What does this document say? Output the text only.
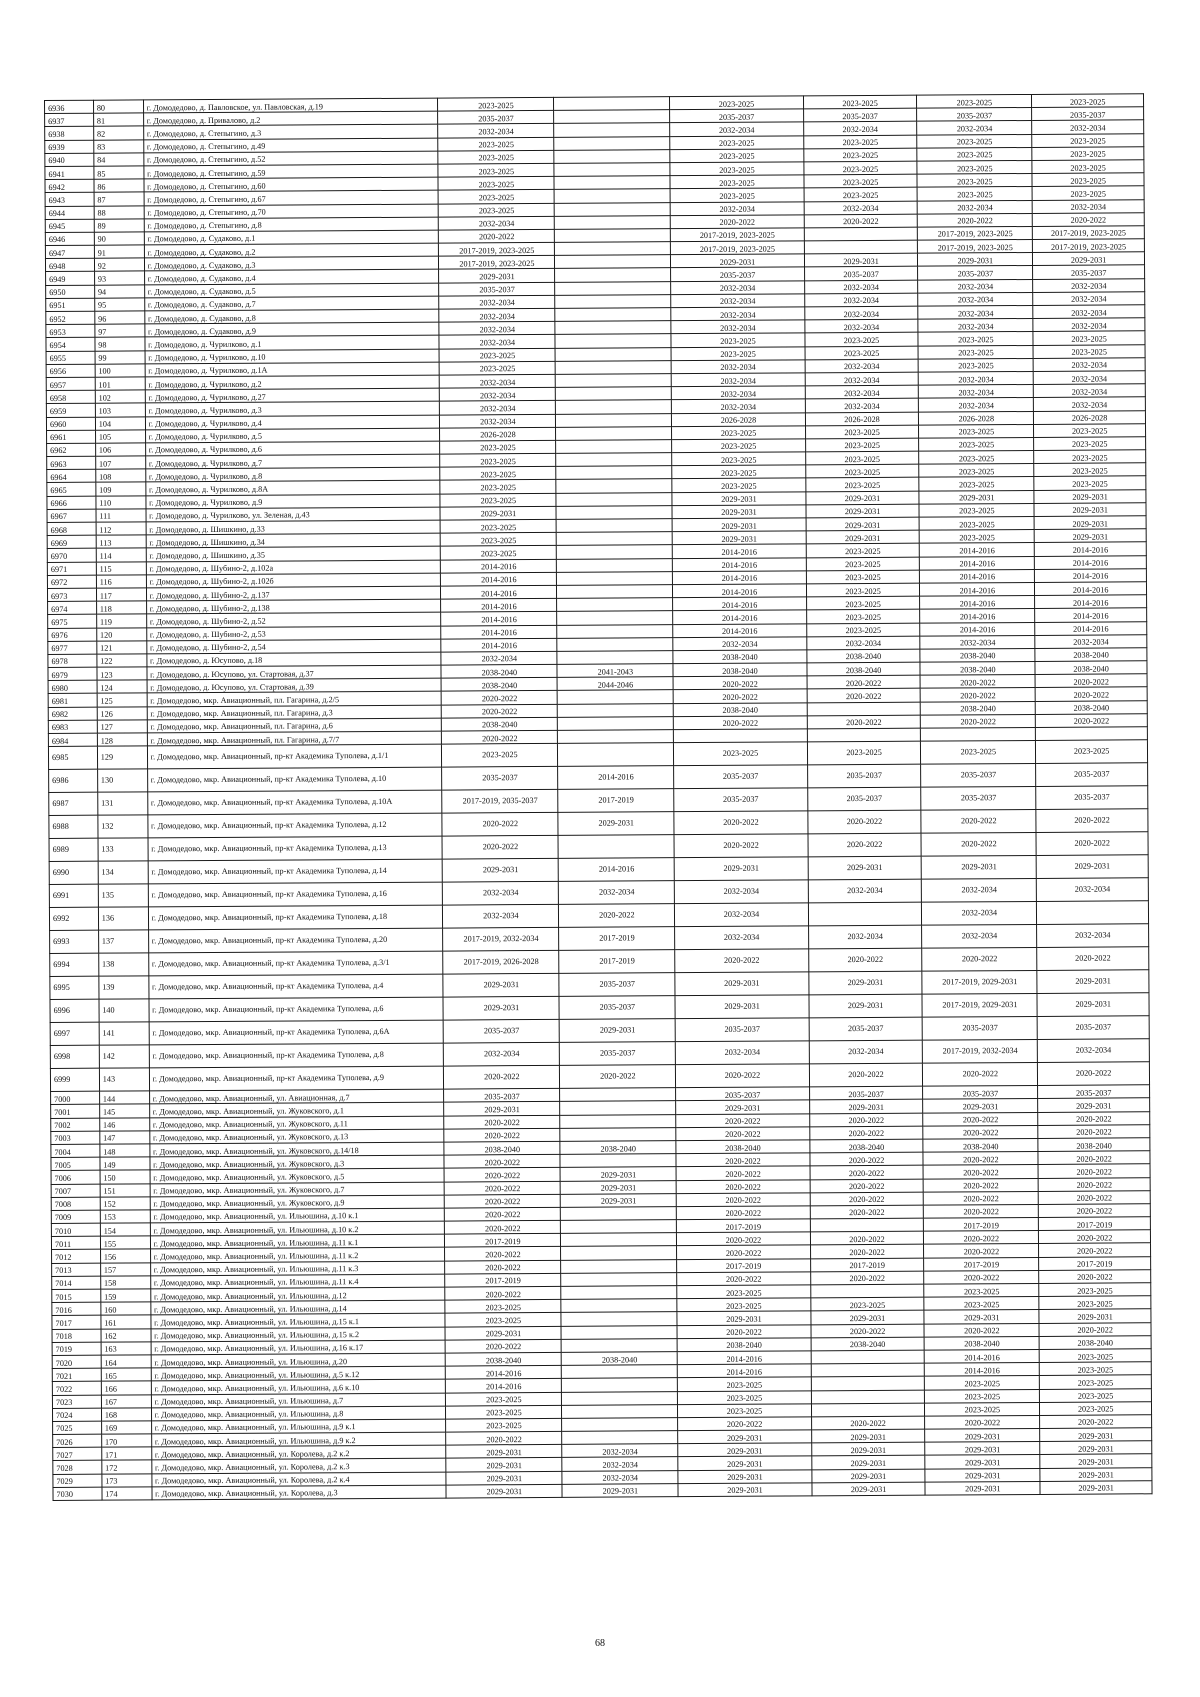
6936	80	г. Домодедово, д. Павловское, ул. Павловская, д.19	2023-2025		2023-2025	2023-2025	2023-2025	2023-2025
6937	81	г. Домодедово, д. Привалово, д.2	2035-2037		2035-2037	2035-2037	2035-2037	2035-2037
6938	82	г. Домодедово, д. Степыгино, д.3	2032-2034		2032-2034	2032-2034	2032-2034	2032-2034
6939	83	г. Домодедово, д. Степыгино, д.49	2023-2025		2023-2025	2023-2025	2023-2025	2023-2025
6940	84	г. Домодедово, д. Степыгино, д.52	2023-2025		2023-2025	2023-2025	2023-2025	2023-2025
6941	85	г. Домодедово, д. Степыгино, д.59	2023-2025		2023-2025	2023-2025	2023-2025	2023-2025
6942	86	г. Домодедово, д. Степыгино, д.60	2023-2025		2023-2025	2023-2025	2023-2025	2023-2025
6943	87	г. Домодедово, д. Степыгино, д.67	2023-2025		2023-2025	2023-2025	2023-2025	2023-2025
6944	88	г. Домодедово, д. Степыгино, д.70	2023-2025		2032-2034	2032-2034	2032-2034	2032-2034
6945	89	г. Домодедово, д. Степыгино, д.8	2032-2034		2020-2022	2020-2022	2020-2022	2020-2022
6946	90	г. Домодедово, д. Судаково, д.1	2020-2022		2017-2019, 2023-2025		2017-2019, 2023-2025	2017-2019, 2023-2025
6947	91	г. Домодедово, д. Судаково, д.2	2017-2019, 2023-2025		2017-2019, 2023-2025		2017-2019, 2023-2025	2017-2019, 2023-2025
6948	92	г. Домодедово, д. Судаково, д.3	2017-2019, 2023-2025		2029-2031	2029-2031	2029-2031	2029-2031
6949	93	г. Домодедово, д. Судаково, д.4	2029-2031		2035-2037	2035-2037	2035-2037	2035-2037
6950	94	г. Домодедово, д. Судаково, д.5	2035-2037		2032-2034	2032-2034	2032-2034	2032-2034
6951	95	г. Домодедово, д. Судаково, д.7	2032-2034		2032-2034	2032-2034	2032-2034	2032-2034
6952	96	г. Домодедово, д. Судаково, д.8	2032-2034		2032-2034	2032-2034	2032-2034	2032-2034
6953	97	г. Домодедово, д. Судаково, д.9	2032-2034		2032-2034	2032-2034	2032-2034	2032-2034
6954	98	г. Домодедово, д. Чурилково, д.1	2032-2034		2023-2025	2023-2025	2023-2025	2023-2025
6955	99	г. Домодедово, д. Чурилково, д.10	2023-2025		2023-2025	2023-2025	2023-2025	2023-2025
6956	100	г. Домодедово, д. Чурилково, д.1А	2023-2025		2032-2034	2032-2034	2023-2025	2032-2034
6957	101	г. Домодедово, д. Чурилково, д.2	2032-2034		2032-2034	2032-2034	2032-2034	2032-2034
6958	102	г. Домодедово, д. Чурилково, д.27	2032-2034		2032-2034	2032-2034	2032-2034	2032-2034
6959	103	г. Домодедово, д. Чурилково, д.3	2032-2034		2032-2034	2032-2034	2032-2034	2032-2034
6960	104	г. Домодедово, д. Чурилково, д.4	2032-2034		2026-2028	2026-2028	2026-2028	2026-2028
6961	105	г. Домодедово, д. Чурилково, д.5	2026-2028		2023-2025	2023-2025	2023-2025	2023-2025
6962	106	г. Домодедово, д. Чурилково, д.6	2023-2025		2023-2025	2023-2025	2023-2025	2023-2025
6963	107	г. Домодедово, д. Чурилково, д.7	2023-2025		2023-2025	2023-2025	2023-2025	2023-2025
6964	108	г. Домодедово, д. Чурилково, д.8	2023-2025		2023-2025	2023-2025	2023-2025	2023-2025
6965	109	г. Домодедово, д. Чурилково, д.8А	2023-2025		2023-2025	2023-2025	2023-2025	2023-2025
6966	110	г. Домодедово, д. Чурилково, д.9	2023-2025		2029-2031	2029-2031	2029-2031	2029-2031
6967	111	г. Домодедово, д. Чурилково, ул. Зеленая, д.43	2029-2031		2029-2031	2029-2031	2023-2025	2029-2031
6968	112	г. Домодедово, д. Шишкино, д.33	2023-2025		2029-2031	2029-2031	2023-2025	2029-2031
6969	113	г. Домодедово, д. Шишкино, д.34	2023-2025		2029-2031	2029-2031	2023-2025	2029-2031
6970	114	г. Домодедово, д. Шишкино, д.35	2023-2025		2014-2016	2023-2025	2014-2016	2014-2016
6971	115	г. Домодедово, д. Шубино-2, д.102а	2014-2016		2014-2016	2023-2025	2014-2016	2014-2016
6972	116	г. Домодедово, д. Шубино-2, д.102б	2014-2016		2014-2016	2023-2025	2014-2016	2014-2016
6973	117	г. Домодедово, д. Шубино-2, д.137	2014-2016		2014-2016	2023-2025	2014-2016	2014-2016
6974	118	г. Домодедово, д. Шубино-2, д.138	2014-2016		2014-2016	2023-2025	2014-2016	2014-2016
6975	119	г. Домодедово, д. Шубино-2, д.52	2014-2016		2014-2016	2023-2025	2014-2016	2014-2016
6976	120	г. Домодедово, д. Шубино-2, д.53	2014-2016		2014-2016	2023-2025	2014-2016	2014-2016
6977	121	г. Домодедово, д. Шубино-2, д.54	2014-2016		2032-2034	2032-2034	2032-2034	2032-2034
6978	122	г. Домодедово, д. Юсупово, д.18	2032-2034		2038-2040	2038-2040	2038-2040	2038-2040
6979	123	г. Домодедово, д. Юсупово, ул. Стартовая, д.37	2038-2040	2041-2043	2038-2040	2038-2040	2038-2040	2038-2040
6980	124	г. Домодедово, д. Юсупово, ул. Стартовая, д.39	2038-2040	2044-2046	2020-2022	2020-2022	2020-2022	2020-2022
6981	125	г. Домодедово, мкр. Авиационный, пл. Гагарина, д.2/5	2020-2022		2020-2022	2020-2022	2020-2022	2020-2022
6982	126	г. Домодедово, мкр. Авиационный, пл. Гагарина, д.3	2020-2022		2038-2040		2038-2040	2038-2040
6983	127	г. Домодедово, мкр. Авиационный, пл. Гагарина, д.6	2038-2040		2020-2022	2020-2022	2020-2022	2020-2022
6984	128	г. Домодедово, мкр. Авиационный, пл. Гагарина, д.7/7	2020-2022					
6985	129	г. Домодедово, мкр. Авиационный, пр-кт Академика Туполева, д.1/1	2023-2025		2023-2025	2023-2025	2023-2025	2023-2025
6986	130	г. Домодедово, мкр. Авиационный, пр-кт Академика Туполева, д.10	2035-2037	2014-2016	2035-2037	2035-2037	2035-2037	2035-2037
6987	131	г. Домодедово, мкр. Авиационный, пр-кт Академика Туполева, д.10А	2017-2019, 2035-2037	2017-2019	2035-2037	2035-2037	2035-2037	2035-2037
6988	132	г. Домодедово, мкр. Авиационный, пр-кт Академика Туполева, д.12	2020-2022	2029-2031	2020-2022	2020-2022	2020-2022	2020-2022
6989	133	г. Домодедово, мкр. Авиационный, пр-кт Академика Туполева, д.13	2020-2022		2020-2022	2020-2022	2020-2022	2020-2022
6990	134	г. Домодедово, мкр. Авиационный, пр-кт Академика Туполева, д.14	2029-2031	2014-2016	2029-2031	2029-2031	2029-2031	2029-2031
6991	135	г. Домодедово, мкр. Авиационный, пр-кт Академика Туполева, д.16	2032-2034	2032-2034	2032-2034	2032-2034	2032-2034	2032-2034
6992	136	г. Домодедово, мкр. Авиационный, пр-кт Академика Туполева, д.18	2032-2034	2020-2022	2032-2034		2032-2034	
6993	137	г. Домодедово, мкр. Авиационный, пр-кт Академика Туполева, д.20	2017-2019, 2032-2034	2017-2019	2032-2034	2032-2034	2032-2034	2032-2034
6994	138	г. Домодедово, мкр. Авиационный, пр-кт Академика Туполева, д.3/1	2017-2019, 2026-2028	2017-2019	2020-2022	2020-2022	2020-2022	2020-2022
6995	139	г. Домодедово, мкр. Авиационный, пр-кт Академика Туполева, д.4	2029-2031	2035-2037	2029-2031	2029-2031	2017-2019, 2029-2031	2029-2031
6996	140	г. Домодедово, мкр. Авиационный, пр-кт Академика Туполева, д.6	2029-2031	2035-2037	2029-2031	2029-2031	2017-2019, 2029-2031	2029-2031
6997	141	г. Домодедово, мкр. Авиационный, пр-кт Академика Туполева, д.6А	2035-2037	2029-2031	2035-2037	2035-2037	2035-2037	2035-2037
6998	142	г. Домодедово, мкр. Авиационный, пр-кт Академика Туполева, д.8	2032-2034	2035-2037	2032-2034	2032-2034	2017-2019, 2032-2034	2032-2034
6999	143	г. Домодедово, мкр. Авиационный, пр-кт Академика Туполева, д.9	2020-2022	2020-2022	2020-2022	2020-2022	2020-2022	2020-2022
7000	144	г. Домодедово, мкр. Авиационный, ул. Авиационная, д.7	2035-2037		2035-2037	2035-2037	2035-2037	2035-2037
7001	145	г. Домодедово, мкр. Авиационный, ул. Жуковского, д.1	2029-2031		2029-2031	2029-2031	2029-2031	2029-2031
7002	146	г. Домодедово, мкр. Авиационный, ул. Жуковского, д.11	2020-2022		2020-2022	2020-2022	2020-2022	2020-2022
7003	147	г. Домодедово, мкр. Авиационный, ул. Жуковского, д.13	2020-2022		2020-2022	2020-2022	2020-2022	2020-2022
7004	148	г. Домодедово, мкр. Авиационный, ул. Жуковского, д.14/18	2038-2040	2038-2040	2038-2040	2038-2040	2038-2040	2038-2040
7005	149	г. Домодедово, мкр. Авиационный, ул. Жуковского, д.3	2020-2022		2020-2022	2020-2022	2020-2022	2020-2022
7006	150	г. Домодедово, мкр. Авиационный, ул. Жуковского, д.5	2020-2022	2029-2031	2020-2022	2020-2022	2020-2022	2020-2022
7007	151	г. Домодедово, мкр. Авиационный, ул. Жуковского, д.7	2020-2022	2029-2031	2020-2022	2020-2022	2020-2022	2020-2022
7008	152	г. Домодедово, мкр. Авиационный, ул. Жуковского, д.9	2020-2022	2029-2031	2020-2022	2020-2022	2020-2022	2020-2022
7009	153	г. Домодедово, мкр. Авиационный, ул. Ильюшина, д.10 к.1	2020-2022		2020-2022	2020-2022	2020-2022	2020-2022
7010	154	г. Домодедово, мкр. Авиационный, ул. Ильюшина, д.10 к.2	2020-2022		2017-2019		2017-2019	2017-2019
7011	155	г. Домодедово, мкр. Авиационный, ул. Ильюшина, д.11 к.1	2017-2019		2020-2022	2020-2022	2020-2022	2020-2022
7012	156	г. Домодедово, мкр. Авиационный, ул. Ильюшина, д.11 к.2	2020-2022		2020-2022	2020-2022	2020-2022	2020-2022
7013	157	г. Домодедово, мкр. Авиационный, ул. Ильюшина, д.11 к.3	2020-2022		2017-2019	2017-2019	2017-2019	2017-2019
7014	158	г. Домодедово, мкр. Авиационный, ул. Ильюшина, д.11 к.4	2017-2019		2020-2022	2020-2022	2020-2022	2020-2022
7015	159	г. Домодедово, мкр. Авиационный, ул. Ильюшина, д.12	2020-2022		2023-2025		2023-2025	2023-2025
7016	160	г. Домодедово, мкр. Авиационный, ул. Ильюшина, д.14	2023-2025		2023-2025	2023-2025	2023-2025	2023-2025
7017	161	г. Домодедово, мкр. Авиационный, ул. Ильюшина, д.15 к.1	2023-2025		2029-2031	2029-2031	2029-2031	2029-2031
7018	162	г. Домодедово, мкр. Авиационный, ул. Ильюшина, д.15 к.2	2029-2031		2020-2022	2020-2022	2020-2022	2020-2022
7019	163	г. Домодедово, мкр. Авиационный, ул. Ильюшина, д.16 к.17	2020-2022		2038-2040	2038-2040	2038-2040	2038-2040
7020	164	г. Домодедово, мкр. Авиационный, ул. Ильюшина, д.20	2038-2040	2038-2040	2014-2016		2014-2016	2023-2025
7021	165	г. Домодедово, мкр. Авиационный, ул. Ильюшина, д.5 к.12	2014-2016		2014-2016		2014-2016	2023-2025
7022	166	г. Домодедово, мкр. Авиационный, ул. Ильюшина, д.6 к.10	2014-2016		2023-2025		2023-2025	2023-2025
7023	167	г. Домодедово, мкр. Авиационный, ул. Ильюшина, д.7	2023-2025		2023-2025		2023-2025	2023-2025
7024	168	г. Домодедово, мкр. Авиационный, ул. Ильюшина, д.8	2023-2025		2023-2025		2023-2025	2023-2025
7025	169	г. Домодедово, мкр. Авиационный, ул. Ильюшина, д.9 к.1	2023-2025		2020-2022	2020-2022	2020-2022	2020-2022
7026	170	г. Домодедово, мкр. Авиационный, ул. Ильюшина, д.9 к.2	2020-2022		2029-2031	2029-2031	2029-2031	2029-2031
7027	171	г. Домодедово, мкр. Авиационный, ул. Королева, д.2 к.2	2029-2031	2032-2034	2029-2031	2029-2031	2029-2031	2029-2031
7028	172	г. Домодедово, мкр. Авиационный, ул. Королева, д.2 к.3	2029-2031	2032-2034	2029-2031	2029-2031	2029-2031	2029-2031
7029	173	г. Домодедово, мкр. Авиационный, ул. Королева, д.2 к.4	2029-2031	2032-2034	2029-2031	2029-2031	2029-2031	2029-2031
7030	174	г. Домодедово, мкр. Авиационный, ул. Королева, д.3	2029-2031	2029-2031	2029-2031	2029-2031	2029-2031	2029-2031
68
